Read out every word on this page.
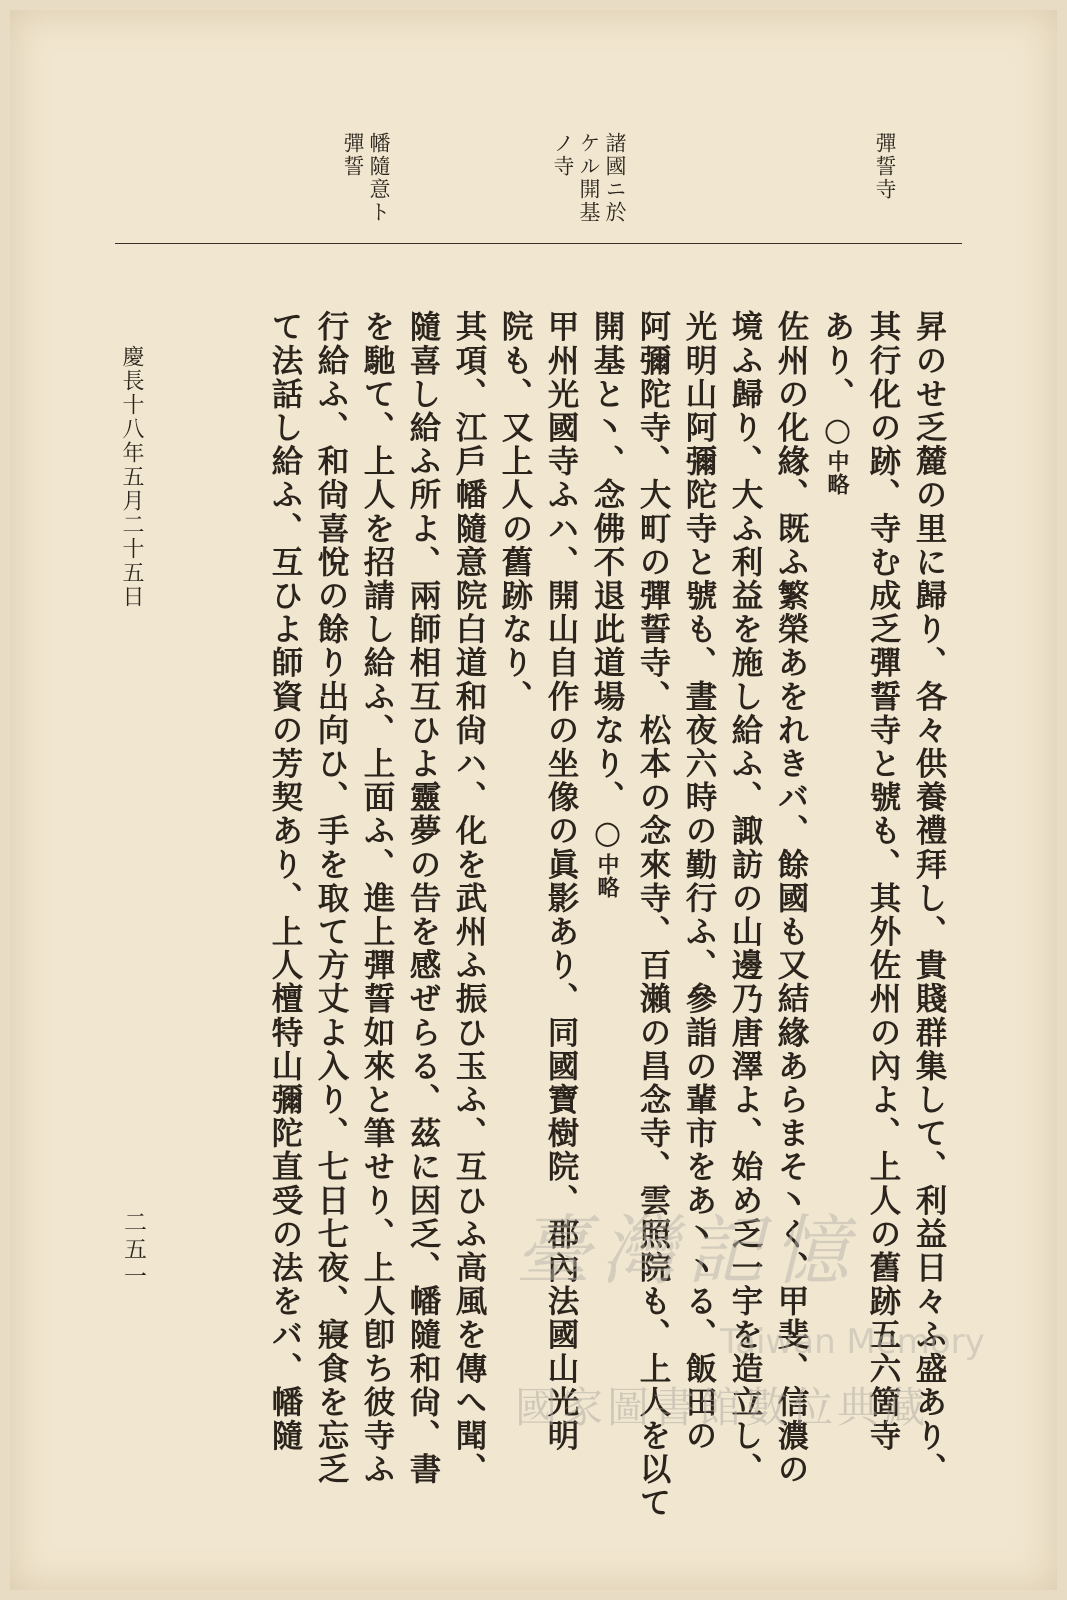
彈誓寺
諸國ニ於
ケル開基
ノ寺
幡隨意ト
彈誓
昇のせ乏麓の里に歸り、各々供養禮拜し、貴賤群集して、利益日々ふ盛あり、
其行化の跡、寺む成乏彈誓寺と號も、其外佐州の內よ、上人の舊跡五六箇寺
あり、○中略
佐州の化緣、既ふ繁榮あをれきバ、餘國も又結緣あらまそ丶く、甲斐、信濃の
境ふ歸り、大ふ利益を施し給ふ、諏訪の山邊乃唐澤よ、始め乏一宇を造立し、
光明山阿彌陀寺と號も、晝夜六時の勤行ふ、參詣の輩市をあ丶丶る、飯田の
阿彌陀寺、大町の彈誓寺、松本の念來寺、百瀨の昌念寺、雲照院も、上人を以て
開基と丶、念佛不退此道場なり、○中略
甲州光國寺ふハ、開山自作の坐像の眞影あり、同國寶樹院、郡內法國山光明
院も、又上人の舊跡なり、
其項、江戶幡隨意院白道和尙ハ、化を武州ふ振ひ玉ふ、互ひふ高風を傳へ聞、
隨喜し給ふ所よ、兩師相互ひよ靈夢の告を感ぜらる、茲に因乏、幡隨和尙、書
を馳て、上人を招請し給ふ、上面ふ、進上彈誓如來と筆せり、上人卽ち彼寺ふ
行給ふ、和尙喜悅の餘り出向ひ、手を取て方丈よ入り、七日七夜、寢食を忘乏
て法話し給ふ、互ひよ師資の芳契あり、上人檀特山彌陀直受の法をバ、幡隨
慶長十八年五月二十五日
二五一	臺灣記憶
Taiwan Memory
國家圖書館數位典藏
